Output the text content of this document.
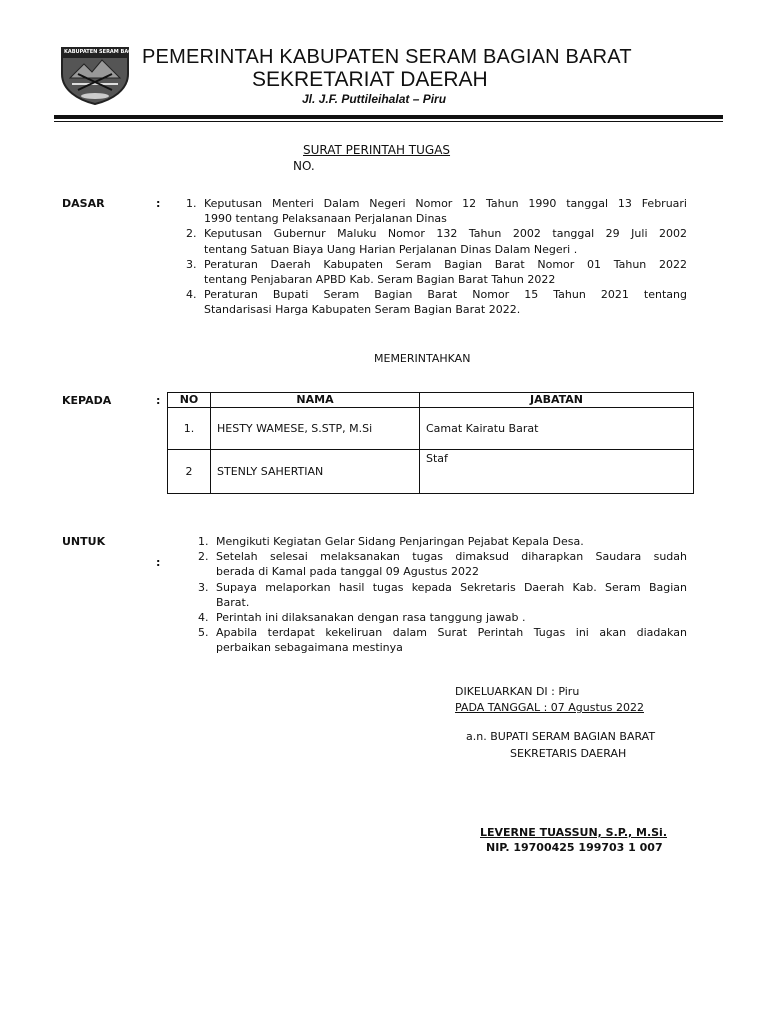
KABUPATEN SERAM BAGIAN BARAT
PEMERINTAH KABUPATEN SERAM BAGIAN BARAT
SEKRETARIAT DAERAH
Jl. J.F. Puttileihalat – Piru
SURAT PERINTAH TUGAS
NO.
DASAR	: 1. Keputusan Menteri Dalam Negeri Nomor 12 Tahun 1990 tanggal 13 Februari
1990 tentang Pelaksanaan Perjalanan Dinas
2. Keputusan Gubernur Maluku Nomor 132 Tahun 2002 tanggal 29 Juli 2002
tentang Satuan Biaya Uang Harian Perjalanan Dinas Dalam Negeri .
3. Peraturan Daerah Kabupaten Seram Bagian Barat Nomor 01 Tahun 2022
tentang Penjabaran APBD Kab. Seram Bagian Barat Tahun 2022
4. Peraturan Bupati Seram Bagian Barat Nomor 15 Tahun 2021 tentang
Standarisasi Harga Kabupaten Seram Bagian Barat 2022.
MEMERINTAHKAN
KEPADA	: NO	NAMA	JABATAN
1.	HESTY WAMESE, S.STP, M.Si	Camat Kairatu Barat
2	STENLY SAHERTIAN	Staf
UNTUK
:
1. Mengikuti Kegiatan Gelar Sidang Penjaringan Pejabat Kepala Desa.
2. Setelah selesai melaksanakan tugas dimaksud diharapkan Saudara sudah
berada di Kamal pada tanggal 09 Agustus 2022
3. Supaya melaporkan hasil tugas kepada Sekretaris Daerah Kab. Seram Bagian
Barat.
4. Perintah ini dilaksanakan dengan rasa tanggung jawab .
5. Apabila terdapat kekeliruan dalam Surat Perintah Tugas ini akan diadakan
perbaikan sebagaimana mestinya
DIKELUARKAN DI : Piru
PADA TANGGAL : 07 Agustus 2022
a.n. BUPATI SERAM BAGIAN BARAT
SEKRETARIS DAERAH
LEVERNE TUASSUN, S.P., M.Si.
NIP. 19700425 199703 1 007
